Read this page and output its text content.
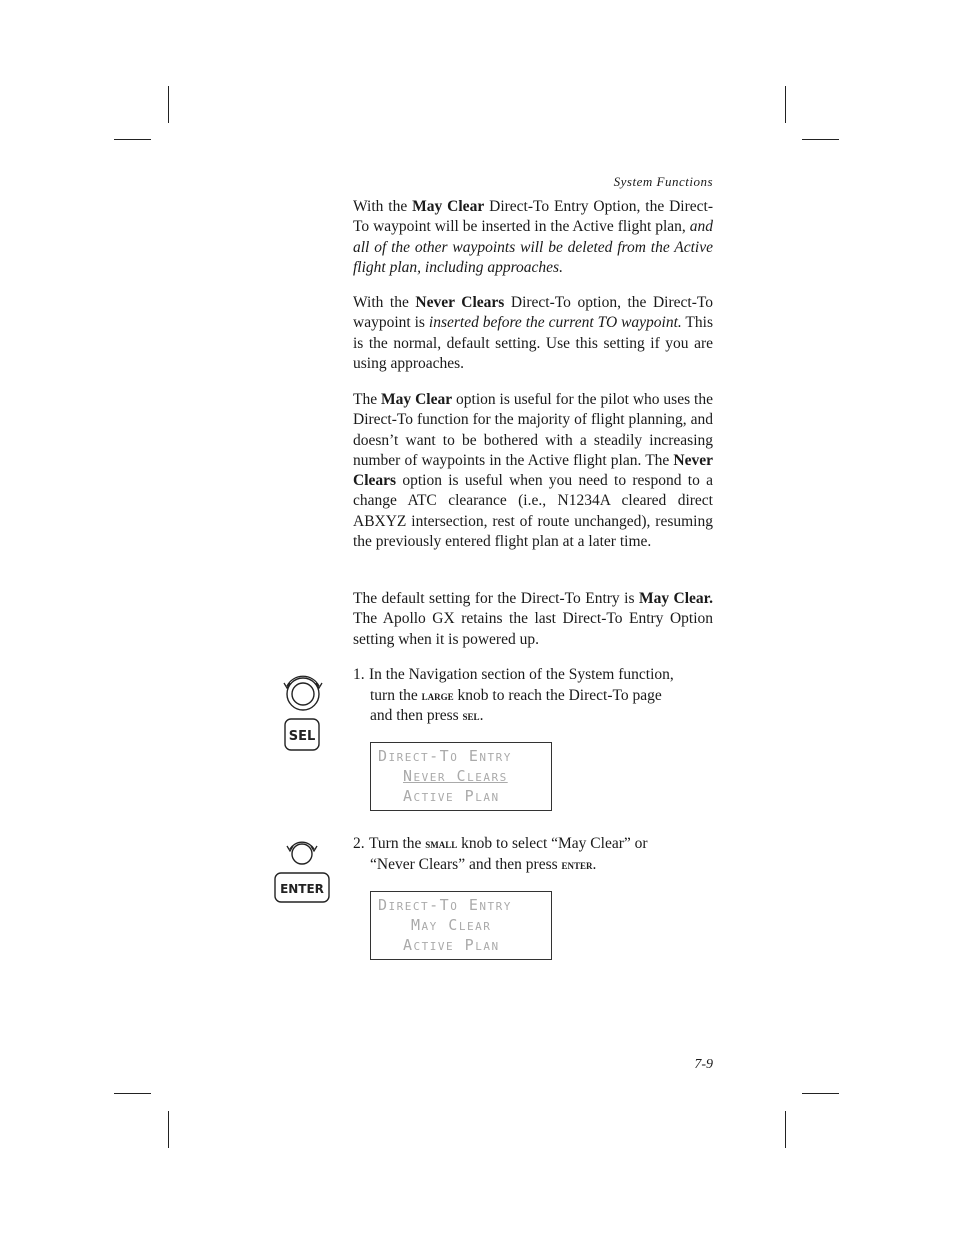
System Functions

With the May Clear Direct-To Entry Option, the Direct-To waypoint will be inserted in the Active flight plan, and all of the other waypoints will be deleted from the Active flight plan, including approaches.

With the Never Clears Direct-To option, the Direct-To waypoint is inserted before the current TO waypoint. This is the normal, default setting. Use this setting if you are using approaches.

The May Clear option is useful for the pilot who uses the Direct-To function for the majority of flight planning, and doesn’t want to be bothered with a steadily increasing number of waypoints in the Active flight plan. The Never Clears option is useful when you need to respond to a change ATC clearance (i.e., N1234A cleared direct ABXYZ intersection, rest of route unchanged), resuming the previously entered flight plan at a later time.

The default setting for the Direct-To Entry is May Clear. The Apollo GX retains the last Direct-To Entry Option setting when it is powered up.

SEL
1. In the Navigation section of the System function,
turn the large knob to reach the Direct-To page
and then press sel.
Direct-To Entry
Never Clears
Active Plan
ENTER
2. Turn the small knob to select “May Clear” or
“Never Clears” and then press enter.
Direct-To Entry
May Clear
Active Plan
7-9
